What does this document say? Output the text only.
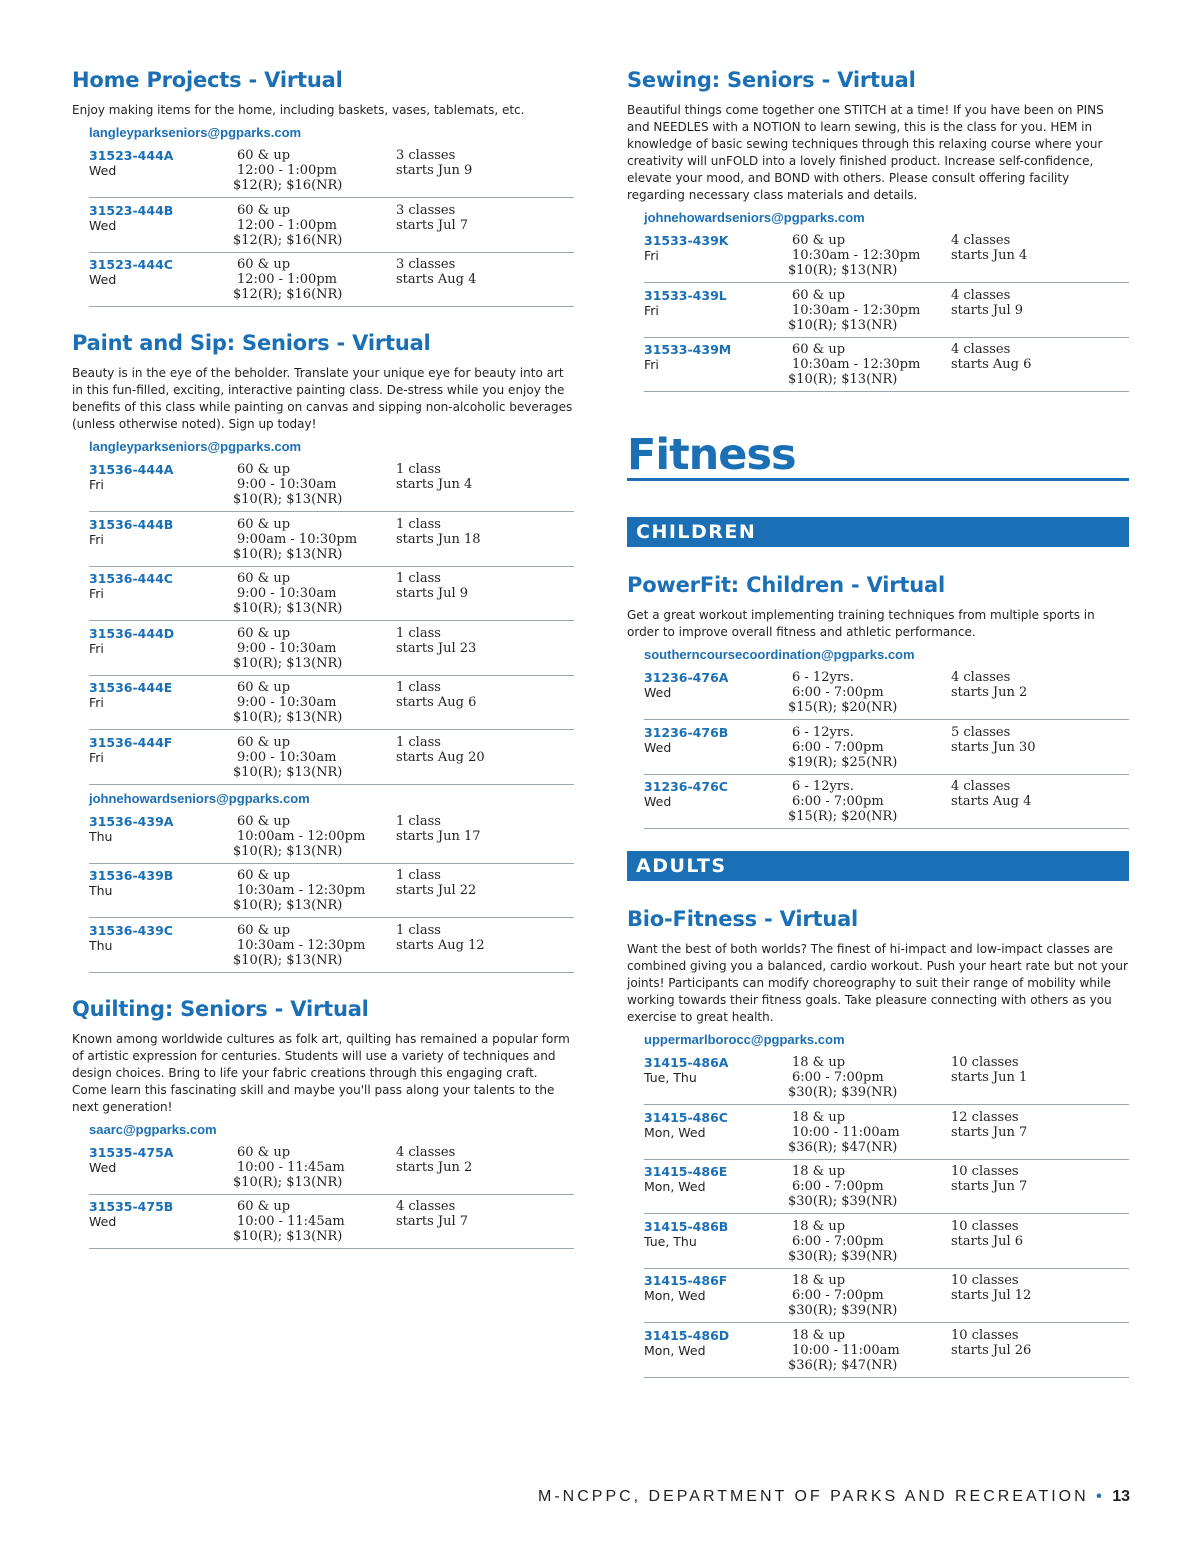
Home Projects - Virtual

Enjoy making items for the home, including baskets, vases, tablemats, etc.

langleyparkseniors@pgparks.com
31523-444A
Wed
60 & up
12:00 - 1:00pm
$12(R); $16(NR)
3 classes
starts Jun 9
31523-444B
Wed
60 & up
12:00 - 1:00pm
$12(R); $16(NR)
3 classes
starts Jul 7
31523-444C
Wed
60 & up
12:00 - 1:00pm
$12(R); $16(NR)
3 classes
starts Aug 4
Paint and Sip: Seniors - Virtual

Beauty is in the eye of the beholder. Translate your unique eye for beauty into art in this fun-filled, exciting, interactive painting class. De-stress while you enjoy the benefits of this class while painting on canvas and sipping non-alcoholic beverages (unless otherwise noted). Sign up today!

langleyparkseniors@pgparks.com
31536-444A
Fri
60 & up
9:00 - 10:30am
$10(R); $13(NR)
1 class
starts Jun 4
31536-444B
Fri
60 & up
9:00am - 10:30pm
$10(R); $13(NR)
1 class
starts Jun 18
31536-444C
Fri
60 & up
9:00 - 10:30am
$10(R); $13(NR)
1 class
starts Jul 9
31536-444D
Fri
60 & up
9:00 - 10:30am
$10(R); $13(NR)
1 class
starts Jul 23
31536-444E
Fri
60 & up
9:00 - 10:30am
$10(R); $13(NR)
1 class
starts Aug 6
31536-444F
Fri
60 & up
9:00 - 10:30am
$10(R); $13(NR)
1 class
starts Aug 20
johnehowardseniors@pgparks.com
31536-439A
Thu
60 & up
10:00am - 12:00pm
$10(R); $13(NR)
1 class
starts Jun 17
31536-439B
Thu
60 & up
10:30am - 12:30pm
$10(R); $13(NR)
1 class
starts Jul 22
31536-439C
Thu
60 & up
10:30am - 12:30pm
$10(R); $13(NR)
1 class
starts Aug 12
Quilting: Seniors - Virtual

Known among worldwide cultures as folk art, quilting has remained a popular form of artistic expression for centuries. Students will use a variety of techniques and design choices. Bring to life your fabric creations through this engaging craft. Come learn this fascinating skill and maybe you'll pass along your talents to the next generation!

saarc@pgparks.com
31535-475A
Wed
60 & up
10:00 - 11:45am
$10(R); $13(NR)
4 classes
starts Jun 2
31535-475B
Wed
60 & up
10:00 - 11:45am
$10(R); $13(NR)
4 classes
starts Jul 7
Sewing: Seniors - Virtual

Beautiful things come together one STITCH at a time! If you have been on PINS and NEEDLES with a NOTION to learn sewing, this is the class for you. HEM in knowledge of basic sewing techniques through this relaxing course where your creativity will unFOLD into a lovely finished product. Increase self-confidence, elevate your mood, and BOND with others. Please consult offering facility regarding necessary class materials and details.

johnehowardseniors@pgparks.com
31533-439K
Fri
60 & up
10:30am - 12:30pm
$10(R); $13(NR)
4 classes
starts Jun 4
31533-439L
Fri
60 & up
10:30am - 12:30pm
$10(R); $13(NR)
4 classes
starts Jul 9
31533-439M
Fri
60 & up
10:30am - 12:30pm
$10(R); $13(NR)
4 classes
starts Aug 6
Fitness
CHILDREN
PowerFit: Children - Virtual

Get a great workout implementing training techniques from multiple sports in order to improve overall fitness and athletic performance.

southerncoursecoordination@pgparks.com
31236-476A
Wed
6 - 12yrs.
6:00 - 7:00pm
$15(R); $20(NR)
4 classes
starts Jun 2
31236-476B
Wed
6 - 12yrs.
6:00 - 7:00pm
$19(R); $25(NR)
5 classes
starts Jun 30
31236-476C
Wed
6 - 12yrs.
6:00 - 7:00pm
$15(R); $20(NR)
4 classes
starts Aug 4
ADULTS
Bio-Fitness - Virtual

Want the best of both worlds? The finest of hi-impact and low-impact classes are combined giving you a balanced, cardio workout. Push your heart rate but not your joints! Participants can modify choreography to suit their range of mobility while working towards their fitness goals. Take pleasure connecting with others as you exercise to great health.

uppermarlborocc@pgparks.com
31415-486A
Tue, Thu
18 & up
6:00 - 7:00pm
$30(R); $39(NR)
10 classes
starts Jun 1
31415-486C
Mon, Wed
18 & up
10:00 - 11:00am
$36(R); $47(NR)
12 classes
starts Jun 7
31415-486E
Mon, Wed
18 & up
6:00 - 7:00pm
$30(R); $39(NR)
10 classes
starts Jun 7
31415-486B
Tue, Thu
18 & up
6:00 - 7:00pm
$30(R); $39(NR)
10 classes
starts Jul 6
31415-486F
Mon, Wed
18 & up
6:00 - 7:00pm
$30(R); $39(NR)
10 classes
starts Jul 12
31415-486D
Mon, Wed
18 & up
10:00 - 11:00am
$36(R); $47(NR)
10 classes
starts Jul 26
M-NCPPC, DEPARTMENT OF PARKS AND RECREATION • 13
